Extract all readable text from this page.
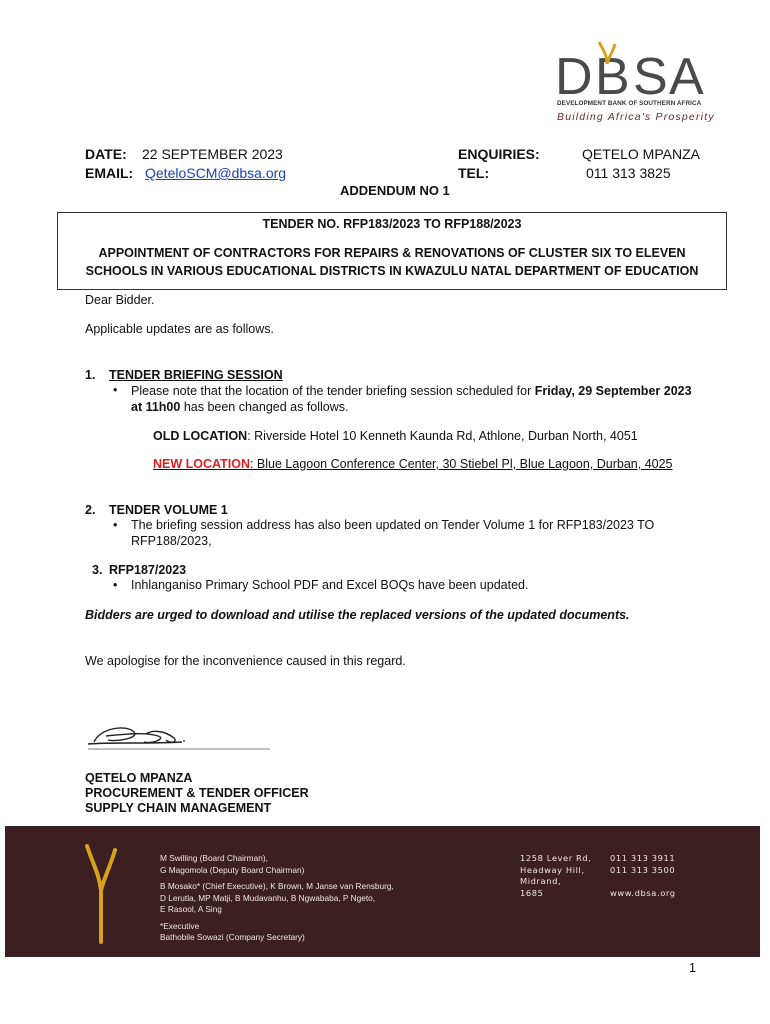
D B S A
DEVELOPMENT BANK OF SOUTHERN AFRICA
Building Africa's Prosperity
DATE: 22 SEPTEMBER 2023
EMAIL: QeteloSCM@dbsa.org
ENQUIRIES:	QETELO MPANZA
TEL:	011 313 3825
ADDENDUM NO 1
TENDER NO. RFP183/2023 TO RFP188/2023
APPOINTMENT OF CONTRACTORS FOR REPAIRS & RENOVATIONS OF CLUSTER SIX TO ELEVEN
SCHOOLS IN VARIOUS EDUCATIONAL DISTRICTS IN KWAZULU NATAL DEPARTMENT OF EDUCATION
Dear Bidder.
Applicable updates are as follows.
1. TENDER BRIEFING SESSION
• Please note that the location of the tender briefing session scheduled for Friday, 29 September 2023
at 11h00 has been changed as follows.
OLD LOCATION: Riverside Hotel 10 Kenneth Kaunda Rd, Athlone, Durban North, 4051
NEW LOCATION: Blue Lagoon Conference Center, 30 Stiebel Pl, Blue Lagoon, Durban, 4025
2. TENDER VOLUME 1
• The briefing session address has also been updated on Tender Volume 1 for RFP183/2023 TO
RFP188/2023,
3. RFP187/2023
• Inhlanganiso Primary School PDF and Excel BOQs have been updated.
Bidders are urged to download and utilise the replaced versions of the updated documents.
We apologise for the inconvenience caused in this regard.
QETELO MPANZA
PROCUREMENT & TENDER OFFICER
SUPPLY CHAIN MANAGEMENT
M Swilling (Board Chairman),
G Magomola (Deputy Board Chairman)
B Mosako* (Chief Executive), K Brown, M Janse van Rensburg,
D Lerutla, MP Matji, B Mudavanhu, B Ngwababa, P Ngeto,
E Rasool, A Sing
*Executive
Bathobile Sowazi (Company Secretary)
1258 Lever Rd,
Headway Hill,
Midrand,
1685
011 313 3911
011 313 3500
www.dbsa.org
1
